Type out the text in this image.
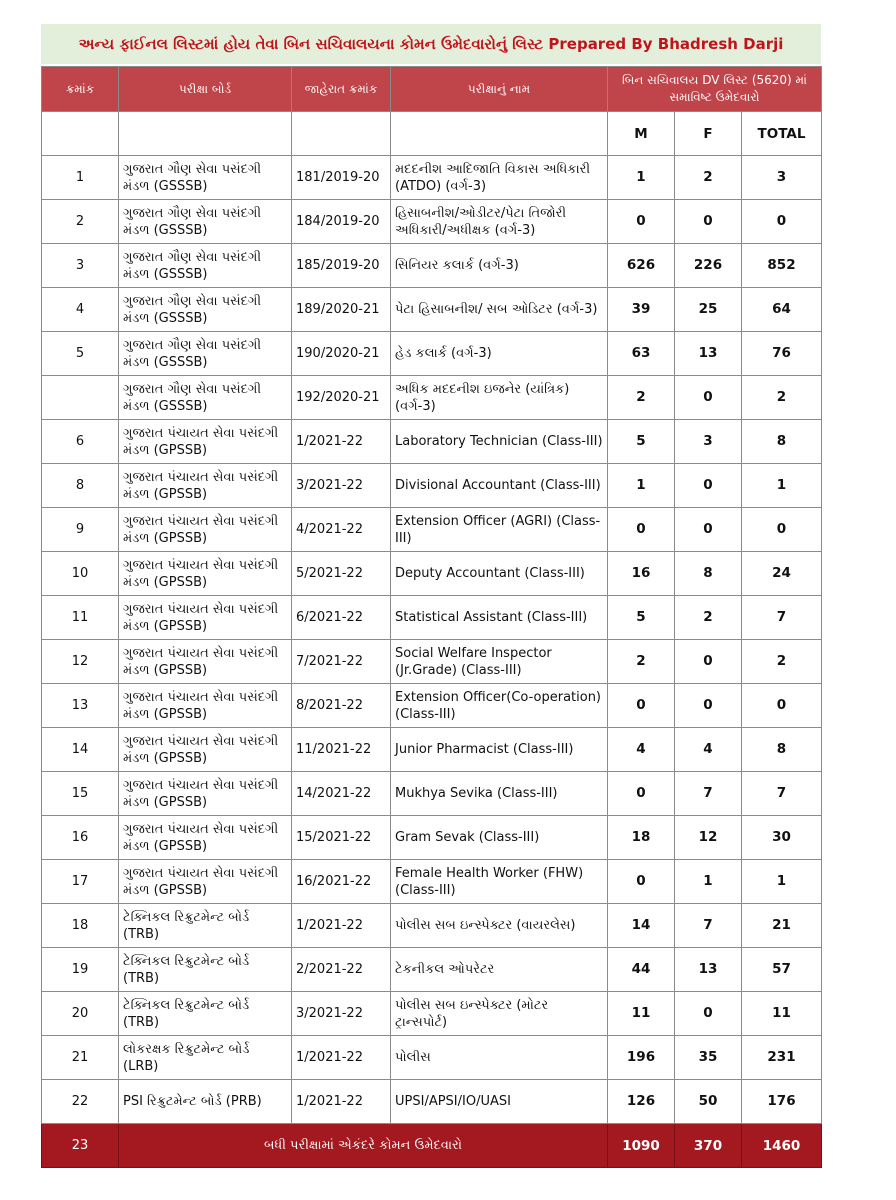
અન્ય ફાઈનલ લિસ્ટમાં હોય તેવા બિન સચિવાલયના કોમન ઉમેદવારોનું લિસ્ટ Prepared By Bhadresh Darji
ક્રમાંક	પરીક્ષા બોર્ડ	જાહેરાત ક્રમાંક	પરીક્ષાનું નામ	બિન સચિવાલય DV લિસ્ટ (5620) માં સમાવિષ્ટ ઉમેદવારો		
				M	F	TOTAL
1	ગુજરાત ગૌણ સેવા પસંદગી મંડળ (GSSSB)	181/2019-20	મદદનીશ આદિજાતિ વિકાસ અધિકારી (ATDO) (વર્ગ-3)	1	2	3
2	ગુજરાત ગૌણ સેવા પસંદગી મંડળ (GSSSB)	184/2019-20	હિસાબનીશ/ઓડીટર/પેટા તિજોરી અધિકારી/અધીક્ષક (વર્ગ-3)	0	0	0
3	ગુજરાત ગૌણ સેવા પસંદગી મંડળ (GSSSB)	185/2019-20	સિનિયર કલાર્ક (વર્ગ-3)	626	226	852
4	ગુજરાત ગૌણ સેવા પસંદગી મંડળ (GSSSB)	189/2020-21	પેટા હિસાબનીશ/ સબ ઓડિટર (વર્ગ-3)	39	25	64
5	ગુજરાત ગૌણ સેવા પસંદગી મંડળ (GSSSB)	190/2020-21	હેડ કલાર્ક (વર્ગ-3)	63	13	76
	ગુજરાત ગૌણ સેવા પસંદગી મંડળ (GSSSB)	192/2020-21	અધિક મદદનીશ ઇજનેર (યાંત્રિક) (વર્ગ-3)	2	0	2
6	ગુજરાત પંચાયત સેવા પસંદગી મંડળ (GPSSB)	1/2021-22	Laboratory Technician (Class-III)	5	3	8
8	ગુજરાત પંચાયત સેવા પસંદગી મંડળ (GPSSB)	3/2021-22	Divisional Accountant (Class-III)	1	0	1
9	ગુજરાત પંચાયત સેવા પસંદગી મંડળ (GPSSB)	4/2021-22	Extension Officer (AGRI) (Class-III)	0	0	0
10	ગુજરાત પંચાયત સેવા પસંદગી મંડળ (GPSSB)	5/2021-22	Deputy Accountant (Class-III)	16	8	24
11	ગુજરાત પંચાયત સેવા પસંદગી મંડળ (GPSSB)	6/2021-22	Statistical Assistant (Class-III)	5	2	7
12	ગુજરાત પંચાયત સેવા પસંદગી મંડળ (GPSSB)	7/2021-22	Social Welfare Inspector (Jr.Grade) (Class-III)	2	0	2
13	ગુજરાત પંચાયત સેવા પસંદગી મંડળ (GPSSB)	8/2021-22	Extension Officer(Co-operation) (Class-III)	0	0	0
14	ગુજરાત પંચાયત સેવા પસંદગી મંડળ (GPSSB)	11/2021-22	Junior Pharmacist (Class-III)	4	4	8
15	ગુજરાત પંચાયત સેવા પસંદગી મંડળ (GPSSB)	14/2021-22	Mukhya Sevika (Class-III)	0	7	7
16	ગુજરાત પંચાયત સેવા પસંદગી મંડળ (GPSSB)	15/2021-22	Gram Sevak (Class-III)	18	12	30
17	ગુજરાત પંચાયત સેવા પસંદગી મંડળ (GPSSB)	16/2021-22	Female Health Worker (FHW) (Class-III)	0	1	1
18	ટેક્નિકલ રિક્રુટમેન્ટ બોર્ડ (TRB)	1/2021-22	પોલીસ સબ ઇન્સ્પેક્ટર (વાયરલેસ)	14	7	21
19	ટેક્નિકલ રિક્રુટમેન્ટ બોર્ડ (TRB)	2/2021-22	ટેકનીકલ ઓપરેટર	44	13	57
20	ટેક્નિકલ રિક્રુટમેન્ટ બોર્ડ (TRB)	3/2021-22	પોલીસ સબ ઇન્સ્પેક્ટર (મોટર ટ્રાન્સપોર્ટ)	11	0	11
21	લોકરક્ષક રિક્રુટમેન્ટ બોર્ડ (LRB)	1/2021-22	પોલીસ	196	35	231
22	PSI રિક્રુટમેન્ટ બોર્ડ (PRB)	1/2021-22	UPSI/APSI/IO/UASI	126	50	176
23	બધી પરીક્ષામાં એકંદરે કોમન ઉમેદવારો			1090	370	1460
